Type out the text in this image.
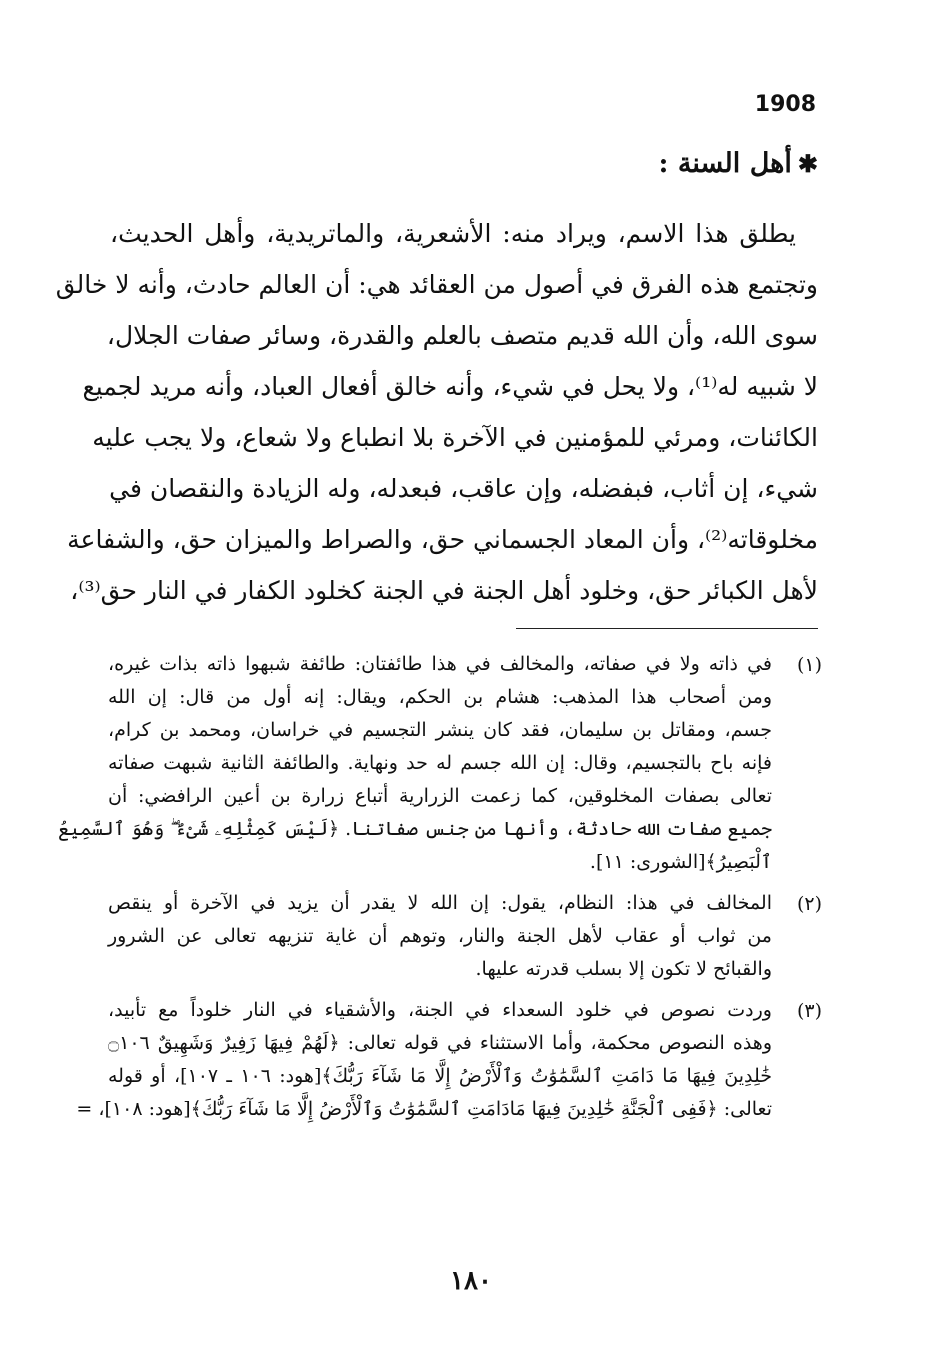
1908
✱أهل السنة :
يطلق هذا الاسم، ويراد منه: الأشعرية، والماتريدية، وأهل الحديث،
وتجتمع هذه الفرق في أصول من العقائد هي: أن العالم حادث، وأنه لا خالق
سوى الله، وأن الله قديم متصف بالعلم والقدرة، وسائر صفات الجلال،
لا شبيه له⁽¹⁾، ولا يحل في شيء، وأنه خالق أفعال العباد، وأنه مريد لجميع
الكائنات، ومرئي للمؤمنين في الآخرة بلا انطباع ولا شعاع، ولا يجب عليه
شيء، إن أثاب، فبفضله، وإن عاقب، فبعدله، وله الزيادة والنقصان في
مخلوقاته⁽²⁾، وأن المعاد الجسماني حق، والصراط والميزان حق، والشفاعة
لأهل الكبائر حق، وخلود أهل الجنة في الجنة كخلود الكفار في النار حق⁽³⁾،
(١)
في ذاته ولا في صفاته، والمخالف في هذا طائفتان: طائفة شبهوا ذاته بذات غيره،
ومن أصحاب هذا المذهب: هشام بن الحكم، ويقال: إنه أول من قال: إن الله
جسم، ومقاتل بن سليمان، فقد كان ينشر التجسيم في خراسان، ومحمد بن كرام،
فإنه باح بالتجسيم، وقال: إن الله جسم له حد ونهاية. والطائفة الثانية شبهت صفاته
تعالى بصفات المخلوقين، كما زعمت الزرارية أتباع زرارة بن أعين الرافضي: أن
جميع صفات الله حادثة، وأنها من جنس صفاتنا. ﴿لَيْسَ كَمِثْلِهِۦ شَىْءٌ ۖ وَهُوَ ٱلسَّمِيعُ
ٱلْبَصِيرُ﴾[الشورى: ١١].
(٢)
المخالف في هذا: النظام، يقول: إن الله لا يقدر أن يزيد في الآخرة أو ينقص
من ثواب أو عقاب لأهل الجنة والنار، وتوهم أن غاية تنزيهه تعالى عن الشرور
والقبائح لا تكون إلا بسلب قدرته عليها.
(٣)
وردت نصوص في خلود السعداء في الجنة، والأشقياء في النار خلوداً مع تأبيد،
وهذه النصوص محكمة، وأما الاستثناء في قوله تعالى: ﴿لَهُمْ فِيهَا زَفِيرٌ وَشَهِيقٌ ۝١٠٦
خَٰلِدِينَ فِيهَا مَا دَامَتِ ٱلسَّمَٰوَٰتُ وَٱلْأَرْضُ إِلَّا مَا شَآءَ رَبُّكَ﴾[هود: ١٠٦ ـ ١٠٧]، أو قوله
تعالى: ﴿فَفِى ٱلْجَنَّةِ خَٰلِدِينَ فِيهَا مَادَامَتِ ٱلسَّمَٰوَٰتُ وَٱلْأَرْضُ إِلَّا مَا شَآءَ رَبُّكَ﴾[هود: ١٠٨]، =
١٨٠
